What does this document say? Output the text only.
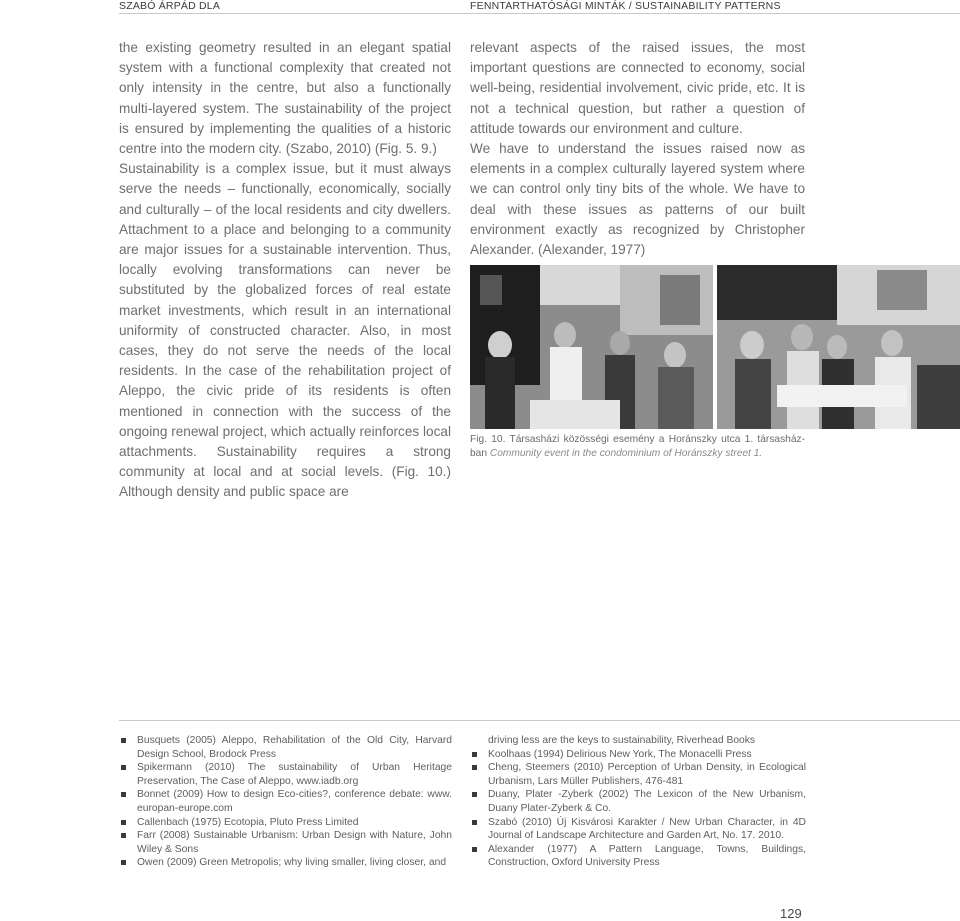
SZABÓ ÁRPÁD DLA	FENNTARTHATÓSÁGI MINTÁK / SUSTAINABILITY PATTERNS

the existing geometry resulted in an elegant spatial system with a functional complexity that created not only intensity in the centre, but also a functionally multi-layered system. The sustainability of the project is ensured by implementing the qualities of a historic centre into the modern city. (Szabo, 2010) (Fig. 5. 9.)

Sustainability is a complex issue, but it must always serve the needs – functionally, economically, socially and culturally – of the local residents and city dwellers. Attachment to a place and belonging to a community are major issues for a sustainable intervention. Thus, locally evolving transformations can never be substituted by the globalized forces of real estate market investments, which result in an international uniformity of constructed character. Also, in most cases, they do not serve the needs of the local residents. In the case of the rehabilitation project of Aleppo, the civic pride of its residents is often mentioned in connection with the success of the ongoing renewal project, which actually reinforces local attachments. Sustainability requires a strong community at local and at social levels. (Fig. 10.) Although density and public space are

relevant aspects of the raised issues, the most important questions are connected to economy, social well-being, residential involvement, civic pride, etc. It is not a technical question, but rather a question of attitude towards our environment and culture.

We have to understand the issues raised now as elements in a complex culturally layered system where we can control only tiny bits of the whole. We have to deal with these issues as patterns of our built environment exactly as recognized by Christopher Alexander. (Alexander, 1977)

Fig. 10. Társasházi közösségi esemény a Horánszky utca 1. társasház-ban Community event in the condominium of Horánszky street 1.
Busquets (2005) Aleppo, Rehabilitation of the Old City, Harvard Design School, Brodock Press
Spikermann (2010) The sustainability of Urban Heritage Preservation, The Case of Aleppo, www.iadb.org
Bonnet (2009) How to design Eco-cities?, conference debate: www. europan-europe.com
Callenbach (1975) Ecotopia, Pluto Press Limited
Farr (2008) Sustainable Urbanism: Urban Design with Nature, John Wiley & Sons
Owen (2009) Green Metropolis; why living smaller, living closer, and
driving less are the keys to sustainability, Riverhead Books
Koolhaas (1994) Delirious New York, The Monacelli Press
Cheng, Steemers (2010) Perception of Urban Density, in Ecological Urbanism, Lars Müller Publishers, 476-481
Duany, Plater -Zyberk (2002) The Lexicon of the New Urbanism, Duany Plater-Zyberk & Co.
Szabó (2010) Új Kisvárosi Karakter / New Urban Character, in 4D Journal of Landscape Architecture and Garden Art, No. 17. 2010.
Alexander (1977) A Pattern Language, Towns, Buildings, Construction, Oxford University Press
129
